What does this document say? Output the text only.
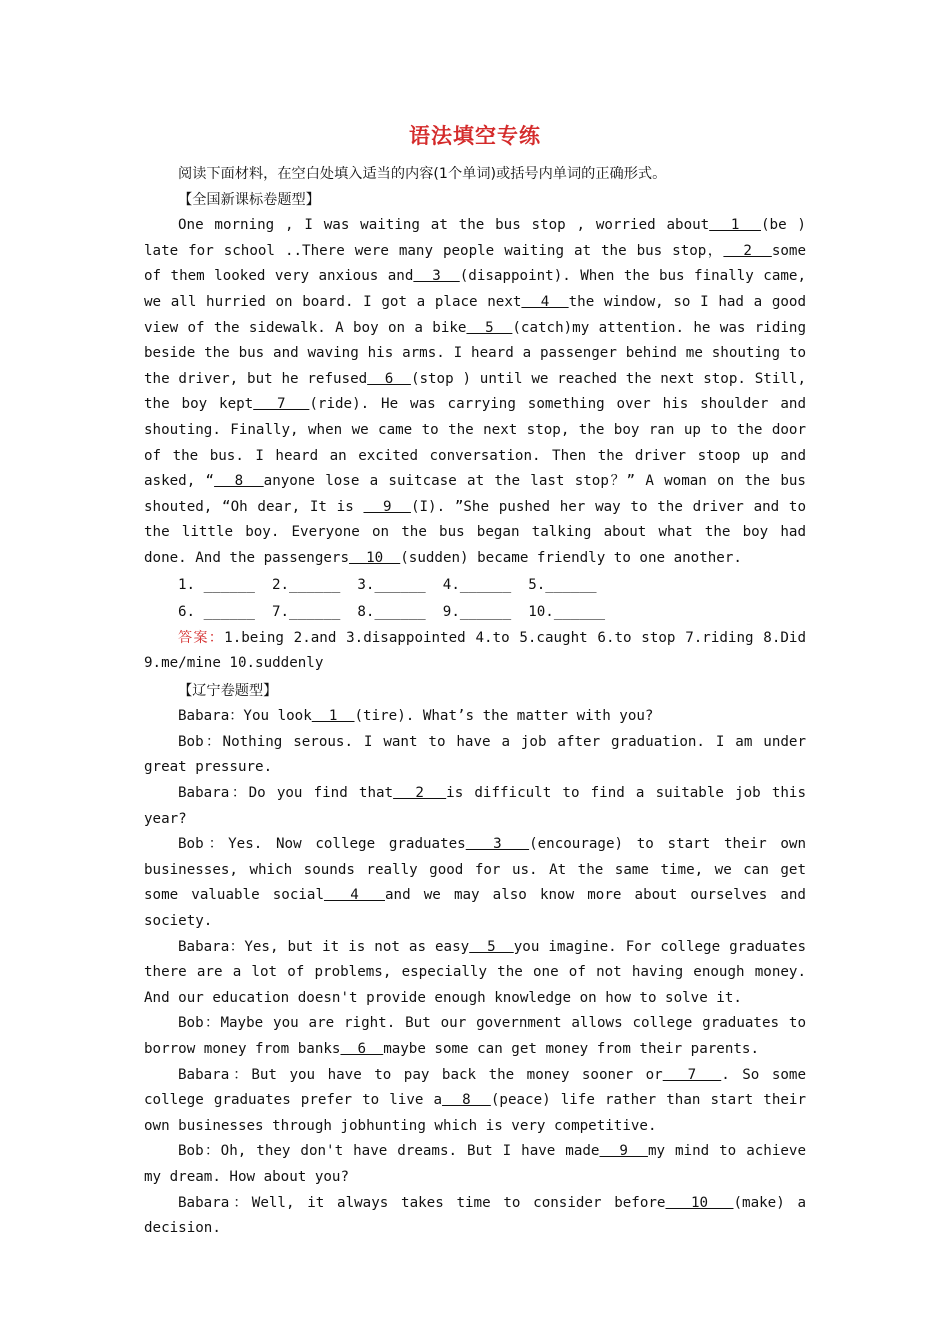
语法填空专练

阅读下面材料，在空白处填入适当的内容(1个单词)或括号内单词的正确形式。

【全国新课标卷题型】

One morning , I was waiting at the bus stop , worried about  1  (be ) late for school ..There were many people waiting at the bus stop，  2  some of them looked very anxious and  3  (disappoint). When the bus finally came, we all hurried on board. I got a place next  4  the window, so I had a good view of the sidewalk. A boy on a bike  5  (catch)my attention. he was riding beside the bus and waving his arms. I heard a passenger behind me shouting to the driver, but he refused  6  (stop ) until we reached the next stop. Still, the boy kept  7  (ride). He was carrying something over his shoulder and shouting. Finally, when we came to the next stop, the boy ran up to the door of the bus. I heard an excited conversation. Then the driver stoop up and asked, “  8  anyone lose a suitcase at the last stop？” A woman on the bus shouted, “Oh dear, It is   9  (I). ”She pushed her way to the driver and to the little boy. Everyone on the bus began talking about what the boy had done. And the passengers  10  (sudden) became friendly to one another.

1. ______  2.______  3.______  4.______  5.______
6. ______  7.______  8.______  9.______  10.______

答案：1.being 2.and 3.disappointed 4.to 5.caught 6.to stop 7.riding 8.Did 9.me/mine 10.suddenly

【辽宁卷题型】

Babara：You look  1  (tire). What’s the matter with you?

Bob：Nothing serous. I want to have a job after graduation. I am under great pressure.

Babara：Do you find that  2  is difficult to find a suitable job this year?

Bob：Yes. Now college graduates  3  (encourage) to start their own businesses, which sounds really good for us. At the same time, we can get some valuable social  4  and we may also know more about ourselves and society.

Babara：Yes, but it is not as easy  5  you imagine. For college graduates there are a lot of problems, especially the one of not having enough money. And our education doesn't provide enough knowledge on how to solve it.

Bob：Maybe you are right. But our government allows college graduates to borrow money from banks  6  maybe some can get money from their parents.

Babara：But you have to pay back the money sooner or  7  . So some college graduates prefer to live a  8  (peace) life rather than start their own businesses through jobhunting which is very competitive.

Bob：Oh, they don't have dreams. But I have made  9  my mind to achieve my dream. How about you?

Babara：Well, it always takes time to consider before  10  (make) a decision.
